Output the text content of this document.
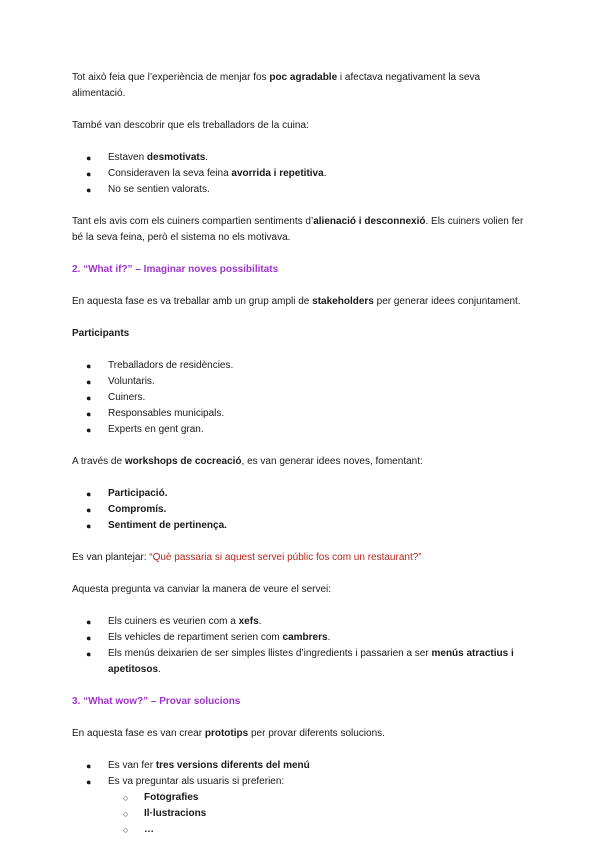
Tot això feia que l’experiència de menjar fos poc agradable i afectava negativament la seva alimentació.

També van descobrir que els treballadors de la cuina:

● Estaven desmotivats.
● Consideraven la seva feina avorrida i repetitiva.
● No se sentien valorats.

Tant els avis com els cuiners compartien sentiments d’alienació i desconnexió. Els cuiners volien fer bé la seva feina, però el sistema no els motivava.

2. “What if?” – Imaginar noves possibilitats

En aquesta fase es va treballar amb un grup ampli de stakeholders per generar idees conjuntament.

Participants

● Treballadors de residències.
● Voluntaris.
● Cuiners.
● Responsables municipals.
● Experts en gent gran.

A través de workshops de cocreació, es van generar idees noves, fomentant:

● Participació.
● Compromís.
● Sentiment de pertinença.

Es van plantejar: “Què passaria si aquest servei públic fos com un restaurant?”

Aquesta pregunta va canviar la manera de veure el servei:

● Els cuiners es veurien com a xefs.
● Els vehicles de repartiment serien com cambrers.
● Els menús deixarien de ser simples llistes d’ingredients i passarien a ser menús atractius i apetitosos.

3. “What wow?” – Provar solucions

En aquesta fase es van crear prototips per provar diferents solucions.

● Es van fer tres versions diferents del menú
● Es va preguntar als usuaris si preferien:
○ Fotografies
○ Il·lustracions
○ …
